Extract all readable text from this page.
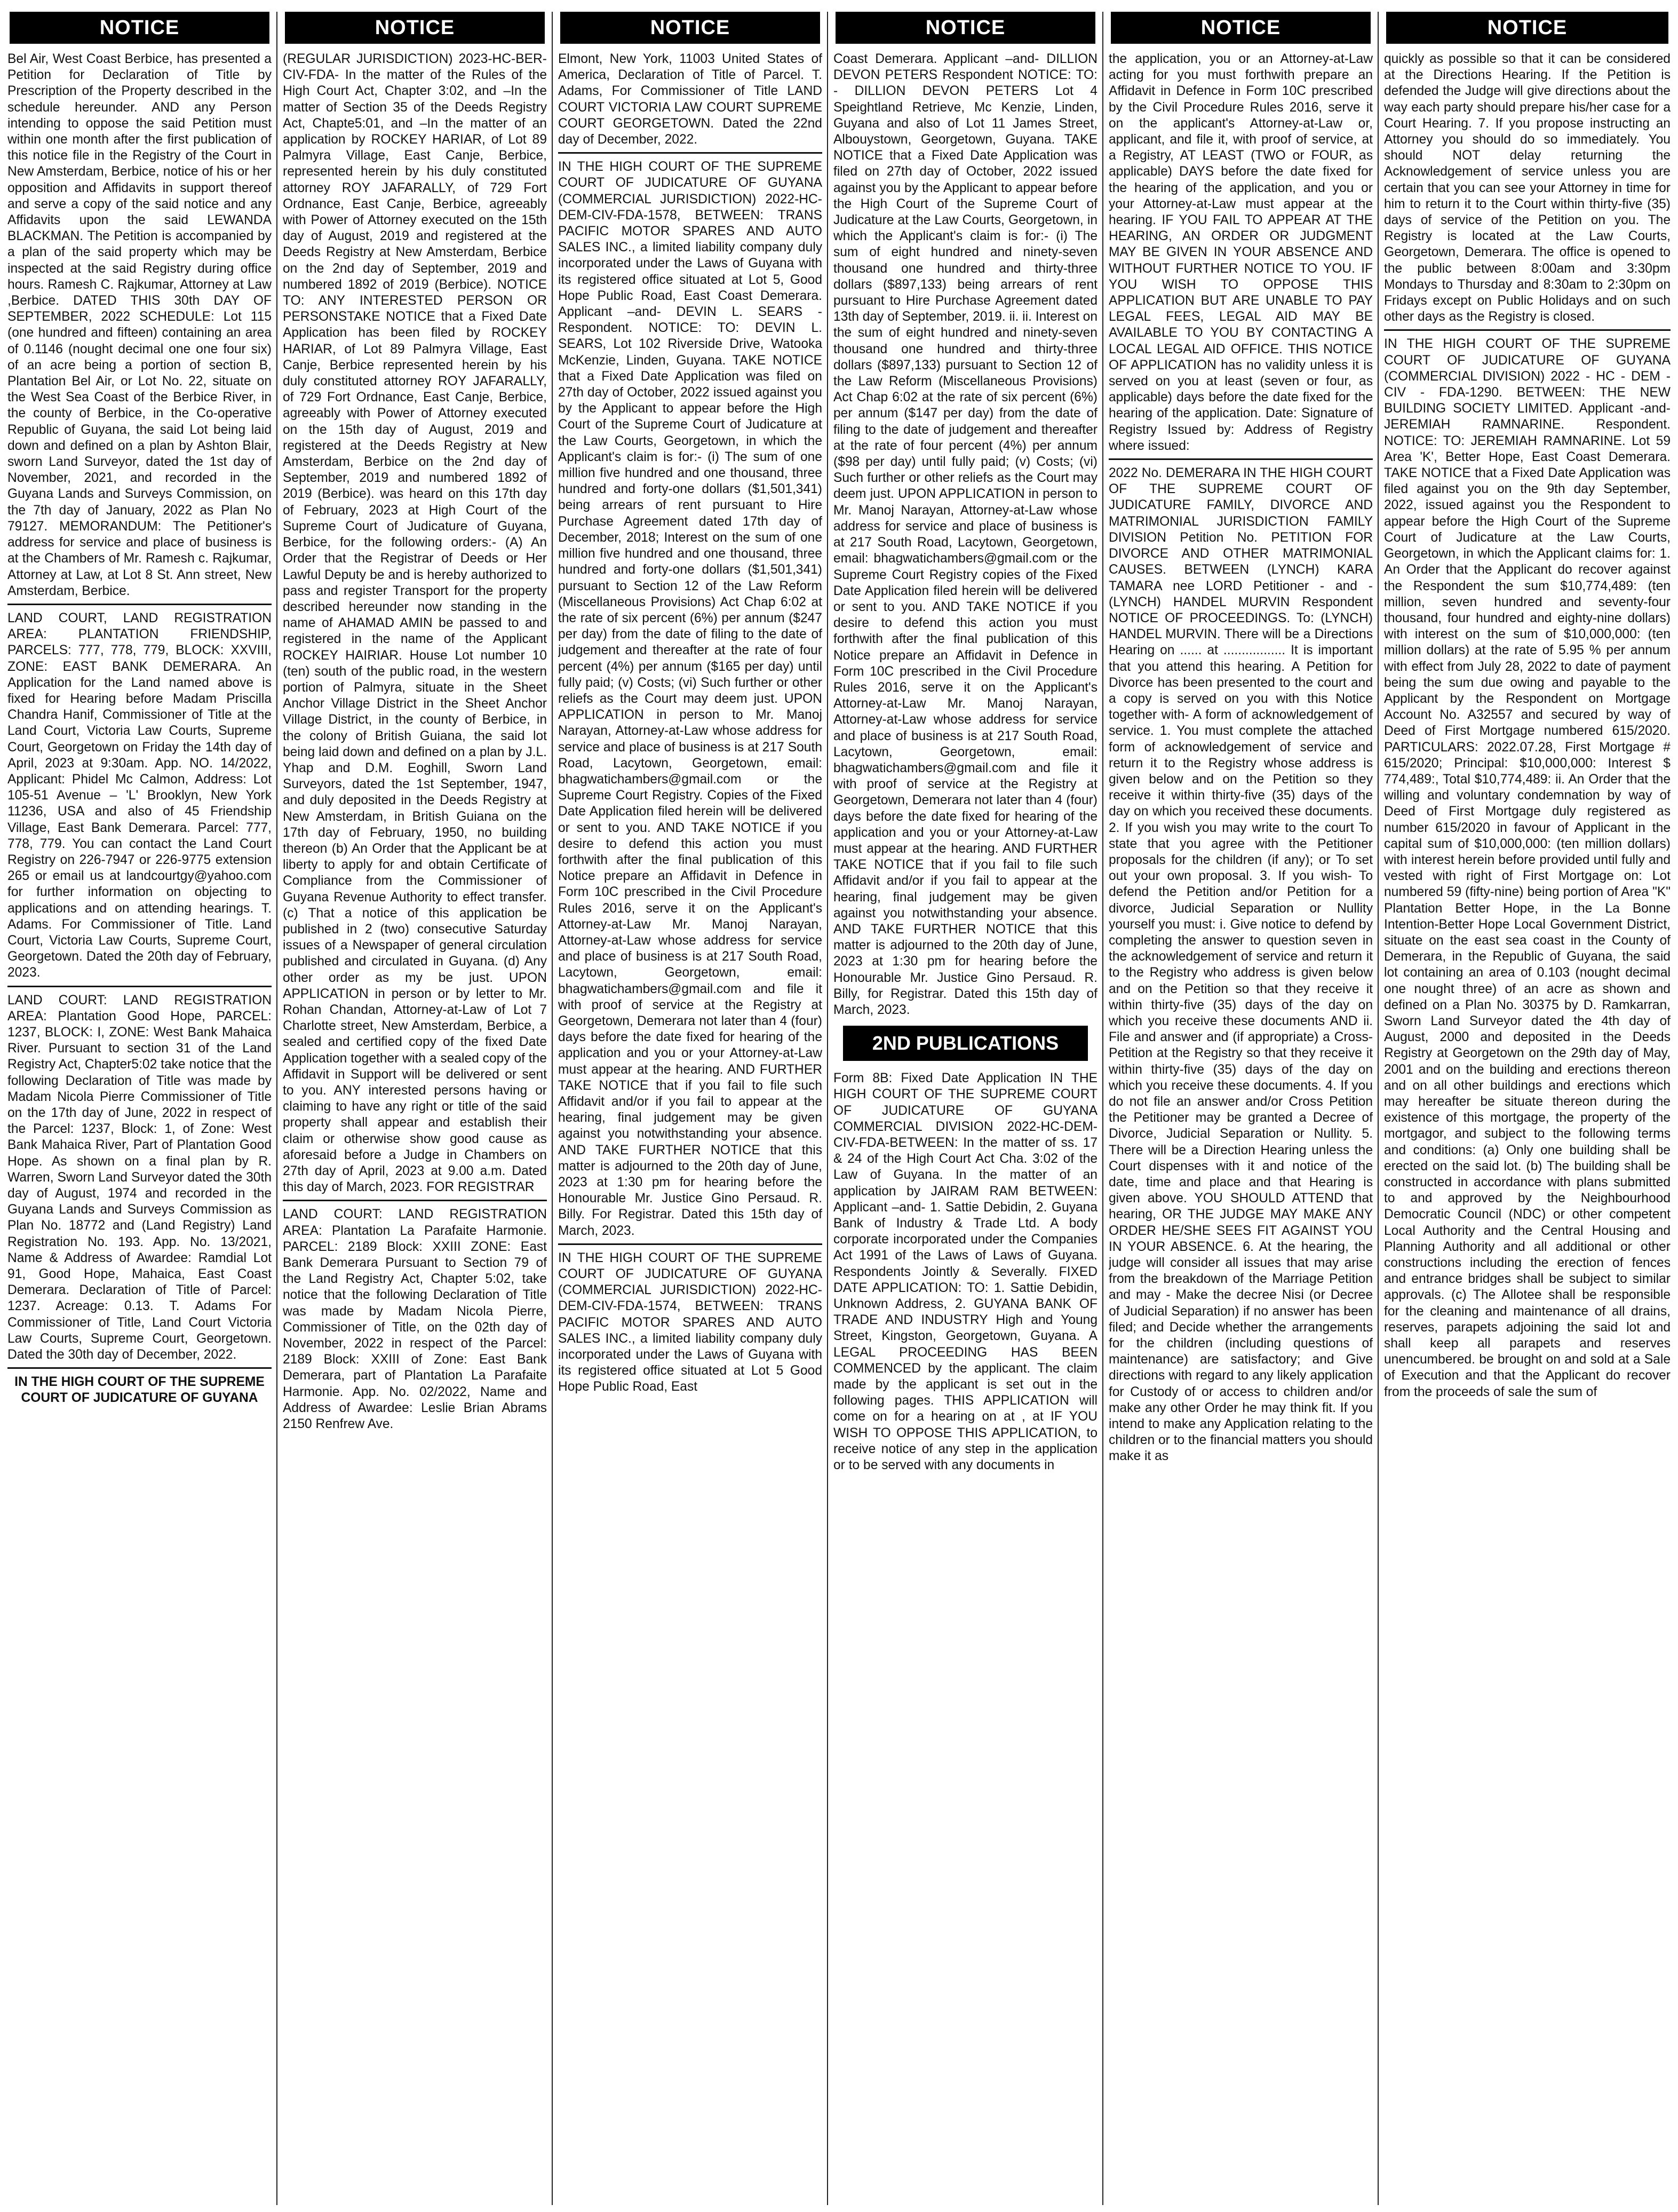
NOTICE

Bel Air, West Coast Berbice, has presented a Petition for Declaration of Title by Prescription of the Property described in the schedule hereunder. AND any Person intending to oppose the said Petition must within one month after the first publication of this notice file in the Registry of the Court in New Amsterdam, Berbice, notice of his or her opposition and Affidavits in support thereof and serve a copy of the said notice and any Affidavits upon the said LEWANDA BLACKMAN. The Petition is accompanied by a plan of the said property which may be inspected at the said Registry during office hours. Ramesh C. Rajkumar, Attorney at Law ,Berbice. DATED THIS 30th DAY OF SEPTEMBER, 2022 SCHEDULE: Lot 115 (one hundred and fifteen) containing an area of 0.1146 (nought decimal one one four six) of an acre being a portion of section B, Plantation Bel Air, or Lot No. 22, situate on the West Sea Coast of the Berbice River, in the county of Berbice, in the Co-operative Republic of Guyana, the said Lot being laid down and defined on a plan by Ashton Blair, sworn Land Surveyor, dated the 1st day of November, 2021, and recorded in the Guyana Lands and Surveys Commission, on the 7th day of January, 2022 as Plan No 79127. MEMORANDUM: The Petitioner's address for service and place of business is at the Chambers of Mr. Ramesh c. Rajkumar, Attorney at Law, at Lot 8 St. Ann street, New Amsterdam, Berbice.

LAND COURT, LAND REGISTRATION AREA: PLANTATION FRIENDSHIP, PARCELS: 777, 778, 779, BLOCK: XXVIII, ZONE: EAST BANK DEMERARA. An Application for the Land named above is fixed for Hearing before Madam Priscilla Chandra Hanif, Commissioner of Title at the Land Court, Victoria Law Courts, Supreme Court, Georgetown on Friday the 14th day of April, 2023 at 9:30am. App. NO. 14/2022, Applicant: Phidel Mc Calmon, Address: Lot 105-51 Avenue – 'L' Brooklyn, New York 11236, USA and also of 45 Friendship Village, East Bank Demerara. Parcel: 777, 778, 779. You can contact the Land Court Registry on 226-7947 or 226-9775 extension 265 or email us at landcourtgy@yahoo.com for further information on objecting to applications and on attending hearings. T. Adams. For Commissioner of Title. Land Court, Victoria Law Courts, Supreme Court, Georgetown. Dated the 20th day of February, 2023.

LAND COURT: LAND REGISTRATION AREA: Plantation Good Hope, PARCEL: 1237, BLOCK: I, ZONE: West Bank Mahaica River. Pursuant to section 31 of the Land Registry Act, Chapter5:02 take notice that the following Declaration of Title was made by Madam Nicola Pierre Commissioner of Title on the 17th day of June, 2022 in respect of the Parcel: 1237, Block: 1, of Zone: West Bank Mahaica River, Part of Plantation Good Hope. As shown on a final plan by R. Warren, Sworn Land Surveyor dated the 30th day of August, 1974 and recorded in the Guyana Lands and Surveys Commission as Plan No. 18772 and (Land Registry) Land Registration No. 193. App. No. 13/2021, Name & Address of Awardee: Ramdial Lot 91, Good Hope, Mahaica, East Coast Demerara. Declaration of Title of Parcel: 1237. Acreage: 0.13. T. Adams For Commissioner of Title, Land Court Victoria Law Courts, Supreme Court, Georgetown. Dated the 30th day of December, 2022.

IN THE HIGH COURT OF THE SUPREME COURT OF JUDICATURE OF GUYANA

NOTICE

(REGULAR JURISDICTION) 2023-HC-BER-CIV-FDA- In the matter of the Rules of the High Court Act, Chapter 3:02, and –In the matter of Section 35 of the Deeds Registry Act, Chapte5:01, and –In the matter of an application by ROCKEY HARIAR, of Lot 89 Palmyra Village, East Canje, Berbice, represented herein by his duly constituted attorney ROY JAFARALLY, of 729 Fort Ordnance, East Canje, Berbice, agreeably with Power of Attorney executed on the 15th day of August, 2019 and registered at the Deeds Registry at New Amsterdam, Berbice on the 2nd day of September, 2019 and numbered 1892 of 2019 (Berbice). NOTICE TO: ANY INTERESTED PERSON OR PERSONSTAKE NOTICE that a Fixed Date Application has been filed by ROCKEY HARIAR, of Lot 89 Palmyra Village, East Canje, Berbice represented herein by his duly constituted attorney ROY JAFARALLY, of 729 Fort Ordnance, East Canje, Berbice, agreeably with Power of Attorney executed on the 15th day of August, 2019 and registered at the Deeds Registry at New Amsterdam, Berbice on the 2nd day of September, 2019 and numbered 1892 of 2019 (Berbice). was heard on this 17th day of February, 2023 at High Court of the Supreme Court of Judicature of Guyana, Berbice, for the following orders:- (A) An Order that the Registrar of Deeds or Her Lawful Deputy be and is hereby authorized to pass and register Transport for the property described hereunder now standing in the name of AHAMAD AMIN be passed to and registered in the name of the Applicant ROCKEY HAIRIAR. House Lot number 10 (ten) south of the public road, in the western portion of Palmyra, situate in the Sheet Anchor Village District in the Sheet Anchor Village District, in the county of Berbice, in the colony of British Guiana, the said lot being laid down and defined on a plan by J.L. Yhap and D.M. Eoghill, Sworn Land Surveyors, dated the 1st September, 1947, and duly deposited in the Deeds Registry at New Amsterdam, in British Guiana on the 17th day of February, 1950, no building thereon (b) An Order that the Applicant be at liberty to apply for and obtain Certificate of Compliance from the Commissioner of Guyana Revenue Authority to effect transfer. (c) That a notice of this application be published in 2 (two) consecutive Saturday issues of a Newspaper of general circulation published and circulated in Guyana. (d) Any other order as my be just. UPON APPLICATION in person or by letter to Mr. Rohan Chandan, Attorney-at-Law of Lot 7 Charlotte street, New Amsterdam, Berbice, a sealed and certified copy of the fixed Date Application together with a sealed copy of the Affidavit in Support will be delivered or sent to you. ANY interested persons having or claiming to have any right or title of the said property shall appear and establish their claim or otherwise show good cause as aforesaid before a Judge in Chambers on 27th day of April, 2023 at 9.00 a.m. Dated this day of March, 2023. FOR REGISTRAR

LAND COURT: LAND REGISTRATION AREA: Plantation La Parafaite Harmonie. PARCEL: 2189 Block: XXIII ZONE: East Bank Demerara Pursuant to Section 79 of the Land Registry Act, Chapter 5:02, take notice that the following Declaration of Title was made by Madam Nicola Pierre, Commissioner of Title, on the 02th day of November, 2022 in respect of the Parcel: 2189 Block: XXIII of Zone: East Bank Demerara, part of Plantation La Parafaite Harmonie. App. No. 02/2022, Name and Address of Awardee: Leslie Brian Abrams 2150 Renfrew Ave.

NOTICE

Elmont, New York, 11003 United States of America, Declaration of Title of Parcel. T. Adams, For Commissioner of Title LAND COURT VICTORIA LAW COURT SUPREME COURT GEORGETOWN. Dated the 22nd day of December, 2022.

IN THE HIGH COURT OF THE SUPREME COURT OF JUDICATURE OF GUYANA (COMMERCIAL JURISDICTION) 2022-HC-DEM-CIV-FDA-1578, BETWEEN: TRANS PACIFIC MOTOR SPARES AND AUTO SALES INC., a limited liability company duly incorporated under the Laws of Guyana with its registered office situated at Lot 5, Good Hope Public Road, East Coast Demerara. Applicant –and- DEVIN L. SEARS - Respondent. NOTICE: TO: DEVIN L. SEARS, Lot 102 Riverside Drive, Watooka McKenzie, Linden, Guyana. TAKE NOTICE that a Fixed Date Application was filed on 27th day of October, 2022 issued against you by the Applicant to appear before the High Court of the Supreme Court of Judicature at the Law Courts, Georgetown, in which the Applicant's claim is for:- (i) The sum of one million five hundred and one thousand, three hundred and forty-one dollars ($1,501,341) being arrears of rent pursuant to Hire Purchase Agreement dated 17th day of December, 2018; Interest on the sum of one million five hundred and one thousand, three hundred and forty-one dollars ($1,501,341) pursuant to Section 12 of the Law Reform (Miscellaneous Provisions) Act Chap 6:02 at the rate of six percent (6%) per annum ($247 per day) from the date of filing to the date of judgement and thereafter at the rate of four percent (4%) per annum ($165 per day) until fully paid; (v) Costs; (vi) Such further or other reliefs as the Court may deem just. UPON APPLICATION in person to Mr. Manoj Narayan, Attorney-at-Law whose address for service and place of business is at 217 South Road, Lacytown, Georgetown, email: bhagwatichambers@gmail.com or the Supreme Court Registry. Copies of the Fixed Date Application filed herein will be delivered or sent to you. AND TAKE NOTICE if you desire to defend this action you must forthwith after the final publication of this Notice prepare an Affidavit in Defence in Form 10C prescribed in the Civil Procedure Rules 2016, serve it on the Applicant's Attorney-at-Law Mr. Manoj Narayan, Attorney-at-Law whose address for service and place of business is at 217 South Road, Lacytown, Georgetown, email: bhagwatichambers@gmail.com and file it with proof of service at the Registry at Georgetown, Demerara not later than 4 (four) days before the date fixed for hearing of the application and you or your Attorney-at-Law must appear at the hearing. AND FURTHER TAKE NOTICE that if you fail to file such Affidavit and/or if you fail to appear at the hearing, final judgement may be given against you notwithstanding your absence. AND TAKE FURTHER NOTICE that this matter is adjourned to the 20th day of June, 2023 at 1:30 pm for hearing before the Honourable Mr. Justice Gino Persaud. R. Billy. For Registrar. Dated this 15th day of March, 2023.

IN THE HIGH COURT OF THE SUPREME COURT OF JUDICATURE OF GUYANA (COMMERCIAL JURISDICTION) 2022-HC-DEM-CIV-FDA-1574, BETWEEN: TRANS PACIFIC MOTOR SPARES AND AUTO SALES INC., a limited liability company duly incorporated under the Laws of Guyana with its registered office situated at Lot 5 Good Hope Public Road, East

NOTICE

Coast Demerara. Applicant –and- DILLION DEVON PETERS Respondent NOTICE: TO: - DILLION DEVON PETERS Lot 4 Speightland Retrieve, Mc Kenzie, Linden, Guyana and also of Lot 11 James Street, Albouystown, Georgetown, Guyana. TAKE NOTICE that a Fixed Date Application was filed on 27th day of October, 2022 issued against you by the Applicant to appear before the High Court of the Supreme Court of Judicature at the Law Courts, Georgetown, in which the Applicant's claim is for:- (i) The sum of eight hundred and ninety-seven thousand one hundred and thirty-three dollars ($897,133) being arrears of rent pursuant to Hire Purchase Agreement dated 13th day of September, 2019. ii. ii. Interest on the sum of eight hundred and ninety-seven thousand one hundred and thirty-three dollars ($897,133) pursuant to Section 12 of the Law Reform (Miscellaneous Provisions) Act Chap 6:02 at the rate of six percent (6%) per annum ($147 per day) from the date of filing to the date of judgement and thereafter at the rate of four percent (4%) per annum ($98 per day) until fully paid; (v) Costs; (vi) Such further or other reliefs as the Court may deem just. UPON APPLICATION in person to Mr. Manoj Narayan, Attorney-at-Law whose address for service and place of business is at 217 South Road, Lacytown, Georgetown, email: bhagwatichambers@gmail.com or the Supreme Court Registry copies of the Fixed Date Application filed herein will be delivered or sent to you. AND TAKE NOTICE if you desire to defend this action you must forthwith after the final publication of this Notice prepare an Affidavit in Defence in Form 10C prescribed in the Civil Procedure Rules 2016, serve it on the Applicant's Attorney-at-Law Mr. Manoj Narayan, Attorney-at-Law whose address for service and place of business is at 217 South Road, Lacytown, Georgetown, email: bhagwatichambers@gmail.com and file it with proof of service at the Registry at Georgetown, Demerara not later than 4 (four) days before the date fixed for hearing of the application and you or your Attorney-at-Law must appear at the hearing. AND FURTHER TAKE NOTICE that if you fail to file such Affidavit and/or if you fail to appear at the hearing, final judgement may be given against you notwithstanding your absence. AND TAKE FURTHER NOTICE that this matter is adjourned to the 20th day of June, 2023 at 1:30 pm for hearing before the Honourable Mr. Justice Gino Persaud. R. Billy, for Registrar. Dated this 15th day of March, 2023.

2ND PUBLICATIONS

Form 8B: Fixed Date Application IN THE HIGH COURT OF THE SUPREME COURT OF JUDICATURE OF GUYANA COMMERCIAL DIVISION 2022-HC-DEM-CIV-FDA-BETWEEN: In the matter of ss. 17 & 24 of the High Court Act Cha. 3:02 of the Law of Guyana. In the matter of an application by JAIRAM RAM BETWEEN: Applicant –and- 1. Sattie Debidin, 2. Guyana Bank of Industry & Trade Ltd. A body corporate incorporated under the Companies Act 1991 of the Laws of Laws of Guyana. Respondents Jointly & Severally. FIXED DATE APPLICATION: TO: 1. Sattie Debidin, Unknown Address, 2. GUYANA BANK OF TRADE AND INDUSTRY High and Young Street, Kingston, Georgetown, Guyana. A LEGAL PROCEEDING HAS BEEN COMMENCED by the applicant. The claim made by the applicant is set out in the following pages. THIS APPLICATION will come on for a hearing on at , at IF YOU WISH TO OPPOSE THIS APPLICATION, to receive notice of any step in the application or to be served with any documents in

NOTICE

the application, you or an Attorney-at-Law acting for you must forthwith prepare an Affidavit in Defence in Form 10C prescribed by the Civil Procedure Rules 2016, serve it on the applicant's Attorney-at-Law or, applicant, and file it, with proof of service, at a Registry, AT LEAST (TWO or FOUR, as applicable) DAYS before the date fixed for the hearing of the application, and you or your Attorney-at-Law must appear at the hearing. IF YOU FAIL TO APPEAR AT THE HEARING, AN ORDER OR JUDGMENT MAY BE GIVEN IN YOUR ABSENCE AND WITHOUT FURTHER NOTICE TO YOU. IF YOU WISH TO OPPOSE THIS APPLICATION BUT ARE UNABLE TO PAY LEGAL FEES, LEGAL AID MAY BE AVAILABLE TO YOU BY CONTACTING A LOCAL LEGAL AID OFFICE. THIS NOTICE OF APPLICATION has no validity unless it is served on you at least (seven or four, as applicable) days before the date fixed for the hearing of the application. Date: Signature of Registry Issued by: Address of Registry where issued:

2022 No. DEMERARA IN THE HIGH COURT OF THE SUPREME COURT OF JUDICATURE FAMILY, DIVORCE AND MATRIMONIAL JURISDICTION FAMILY DIVISION Petition No. PETITION FOR DIVORCE AND OTHER MATRIMONIAL CAUSES. BETWEEN (LYNCH) KARA TAMARA nee LORD Petitioner - and - (LYNCH) HANDEL MURVIN Respondent NOTICE OF PROCEEDINGS. To: (LYNCH) HANDEL MURVIN. There will be a Directions Hearing on ...... at ................. It is important that you attend this hearing. A Petition for Divorce has been presented to the court and a copy is served on you with this Notice together with- A form of acknowledgement of service. 1. You must complete the attached form of acknowledgement of service and return it to the Registry whose address is given below and on the Petition so they receive it within thirty-five (35) days of the day on which you received these documents. 2. If you wish you may write to the court To state that you agree with the Petitioner proposals for the children (if any); or To set out your own proposal. 3. If you wish- To defend the Petition and/or Petition for a divorce, Judicial Separation or Nullity yourself you must: i. Give notice to defend by completing the answer to question seven in the acknowledgement of service and return it to the Registry who address is given below and on the Petition so that they receive it within thirty-five (35) days of the day on which you receive these documents AND ii. File and answer and (if appropriate) a Cross-Petition at the Registry so that they receive it within thirty-five (35) days of the day on which you receive these documents. 4. If you do not file an answer and/or Cross Petition the Petitioner may be granted a Decree of Divorce, Judicial Separation or Nullity. 5. There will be a Direction Hearing unless the Court dispenses with it and notice of the date, time and place and that Hearing is given above. YOU SHOULD ATTEND that hearing, OR THE JUDGE MAY MAKE ANY ORDER HE/SHE SEES FIT AGAINST YOU IN YOUR ABSENCE. 6. At the hearing, the judge will consider all issues that may arise from the breakdown of the Marriage Petition and may - Make the decree Nisi (or Decree of Judicial Separation) if no answer has been filed; and Decide whether the arrangements for the children (including questions of maintenance) are satisfactory; and Give directions with regard to any likely application for Custody of or access to children and/or make any other Order he may think fit. If you intend to make any Application relating to the children or to the financial matters you should make it as

NOTICE

quickly as possible so that it can be considered at the Directions Hearing. If the Petition is defended the Judge will give directions about the way each party should prepare his/her case for a Court Hearing. 7. If you propose instructing an Attorney you should do so immediately. You should NOT delay returning the Acknowledgement of service unless you are certain that you can see your Attorney in time for him to return it to the Court within thirty-five (35) days of service of the Petition on you. The Registry is located at the Law Courts, Georgetown, Demerara. The office is opened to the public between 8:00am and 3:30pm Mondays to Thursday and 8:30am to 2:30pm on Fridays except on Public Holidays and on such other days as the Registry is closed.

IN THE HIGH COURT OF THE SUPREME COURT OF JUDICATURE OF GUYANA (COMMERCIAL DIVISION) 2022 - HC - DEM - CIV - FDA-1290. BETWEEN: THE NEW BUILDING SOCIETY LIMITED. Applicant -and- JEREMIAH RAMNARINE. Respondent. NOTICE: TO: JEREMIAH RAMNARINE. Lot 59 Area 'K', Better Hope, East Coast Demerara. TAKE NOTICE that a Fixed Date Application was filed against you on the 9th day September, 2022, issued against you the Respondent to appear before the High Court of the Supreme Court of Judicature at the Law Courts, Georgetown, in which the Applicant claims for: 1. An Order that the Applicant do recover against the Respondent the sum $10,774,489: (ten million, seven hundred and seventy-four thousand, four hundred and eighty-nine dollars) with interest on the sum of $10,000,000: (ten million dollars) at the rate of 5.95 % per annum with effect from July 28, 2022 to date of payment being the sum due owing and payable to the Applicant by the Respondent on Mortgage Account No. A32557 and secured by way of Deed of First Mortgage numbered 615/2020. PARTICULARS: 2022.07.28, First Mortgage # 615/2020; Principal: $10,000,000: Interest $ 774,489:, Total $10,774,489: ii. An Order that the willing and voluntary condemnation by way of Deed of First Mortgage duly registered as number 615/2020 in favour of Applicant in the capital sum of $10,000,000: (ten million dollars) with interest herein before provided until fully and vested with right of First Mortgage on: Lot numbered 59 (fifty-nine) being portion of Area "K" Plantation Better Hope, in the La Bonne Intention-Better Hope Local Government District, situate on the east sea coast in the County of Demerara, in the Republic of Guyana, the said lot containing an area of 0.103 (nought decimal one nought three) of an acre as shown and defined on a Plan No. 30375 by D. Ramkarran, Sworn Land Surveyor dated the 4th day of August, 2000 and deposited in the Deeds Registry at Georgetown on the 29th day of May, 2001 and on the building and erections thereon and on all other buildings and erections which may hereafter be situate thereon during the existence of this mortgage, the property of the mortgagor, and subject to the following terms and conditions: (a) Only one building shall be erected on the said lot. (b) The building shall be constructed in accordance with plans submitted to and approved by the Neighbourhood Democratic Council (NDC) or other competent Local Authority and the Central Housing and Planning Authority and all additional or other constructions including the erection of fences and entrance bridges shall be subject to similar approvals. (c) The Allotee shall be responsible for the cleaning and maintenance of all drains, reserves, parapets adjoining the said lot and shall keep all parapets and reserves unencumbered. be brought on and sold at a Sale of Execution and that the Applicant do recover from the proceeds of sale the sum of
